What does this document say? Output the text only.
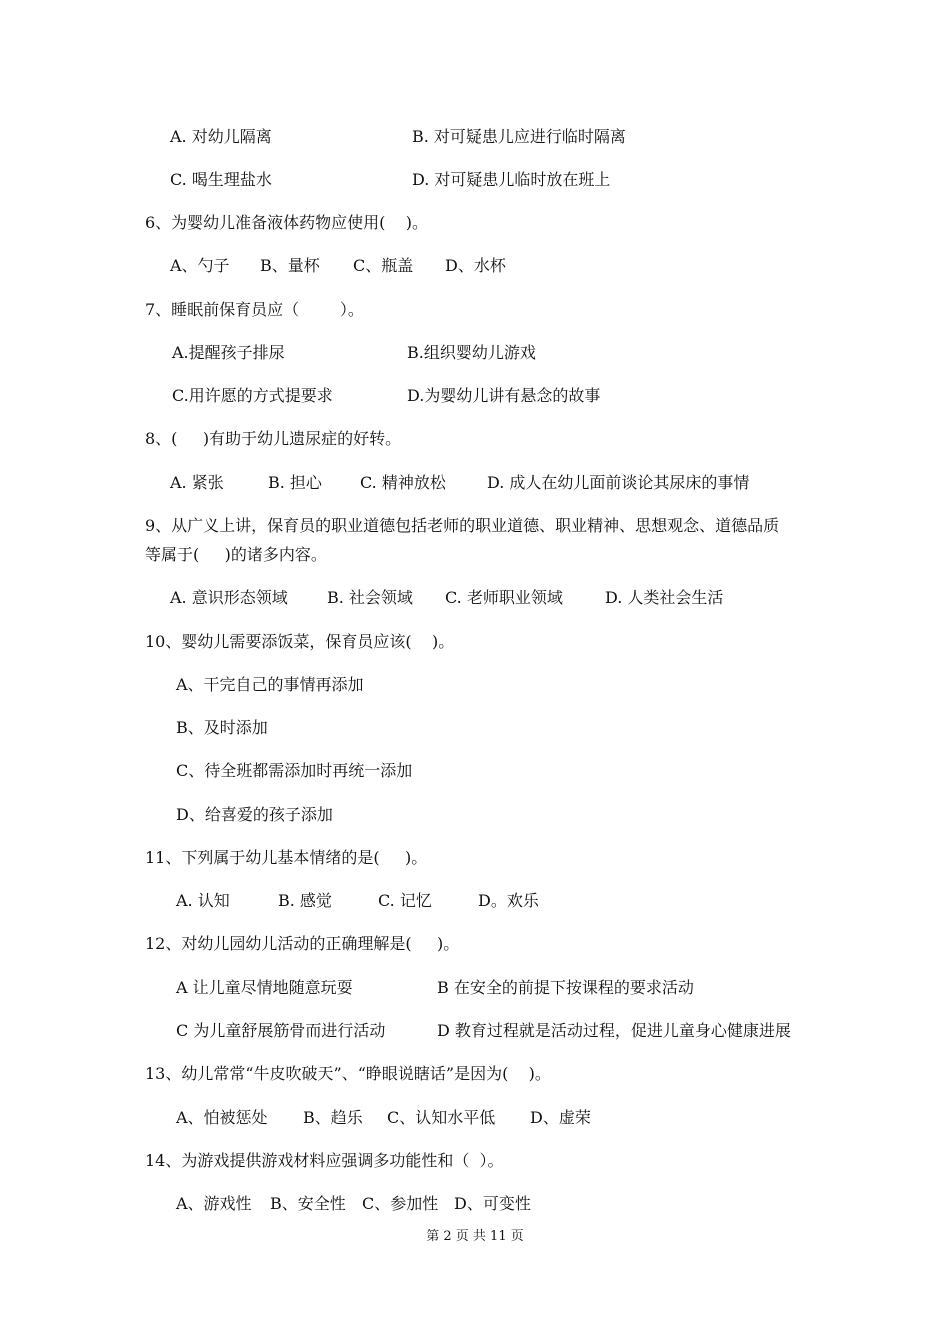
A. 对幼儿隔离	B. 对可疑患儿应进行临时隔离
C. 喝生理盐水	D. 对可疑患儿临时放在班上
6、为婴幼儿准备液体药物应使用(    )。
A、勺子 B、量杯 C、瓶盖 D、水杯
7、睡眠前保育员应（        ）。
A.提醒孩子排尿	B.组织婴幼儿游戏
C.用许愿的方式提要求	D.为婴幼儿讲有悬念的故事
8、(     )有助于幼儿遗尿症的好转。
A. 紧张	B. 担心 C. 精神放松	D. 成人在幼儿面前谈论其尿床的事情
9、从广义上讲，保育员的职业道德包括老师的职业道德、职业精神、思想观念、道德品质
等属于(     )的诸多内容。
A. 意识形态领域 B. 社会领域 C. 老师职业领域	D. 人类社会生活
10、婴幼儿需要添饭菜，保育员应该(    )。
A、干完自己的事情再添加
B、及时添加
C、待全班都需添加时再统一添加
D、给喜爱的孩子添加
11、下列属于幼儿基本情绪的是(     )。
A. 认知	B. 感觉	C. 记忆	D。欢乐
12、对幼儿园幼儿活动的正确理解是(     )。
A 让儿童尽情地随意玩耍	B 在安全的前提下按课程的要求活动
C 为儿童舒展筋骨而进行活动	D 教育过程就是活动过程，促进儿童身心健康进展
13、幼儿常常“牛皮吹破天”、“睁眼说瞎话”是因为(    )。
A、怕被惩处 B、趋乐 C、认知水平低 D、虚荣
14、为游戏提供游戏材料应强调多功能性和（  ）。
A、游戏性 B、安全性 C、参加性 D、可变性
第 2 页 共 11 页
